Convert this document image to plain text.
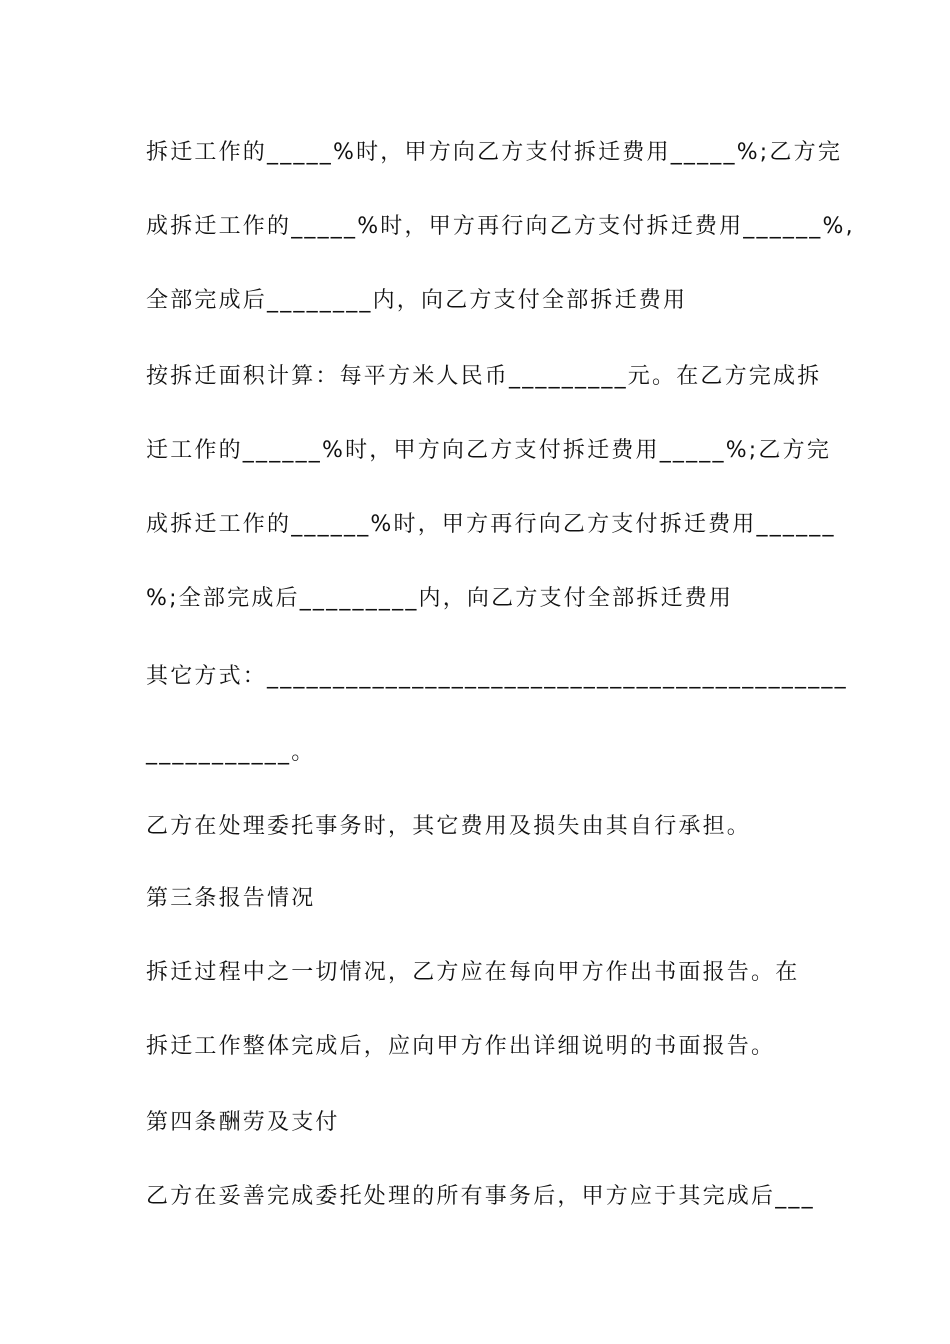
拆迁工作的_____%时，甲方向乙方支付拆迁费用_____%;乙方完
成拆迁工作的_____%时，甲方再行向乙方支付拆迁费用______%,
全部完成后________内，向乙方支付全部拆迁费用
按拆迁面积计算：每平方米人民币_________元。在乙方完成拆
迁工作的______%时，甲方向乙方支付拆迁费用_____%;乙方完
成拆迁工作的______%时，甲方再行向乙方支付拆迁费用______
%;全部完成后_________内，向乙方支付全部拆迁费用
其它方式：____________________________________________
___________。
乙方在处理委托事务时，其它费用及损失由其自行承担。
第三条报告情况
拆迁过程中之一切情况，乙方应在每向甲方作出书面报告。在
拆迁工作整体完成后，应向甲方作出详细说明的书面报告。
第四条酬劳及支付
乙方在妥善完成委托处理的所有事务后，甲方应于其完成后___
